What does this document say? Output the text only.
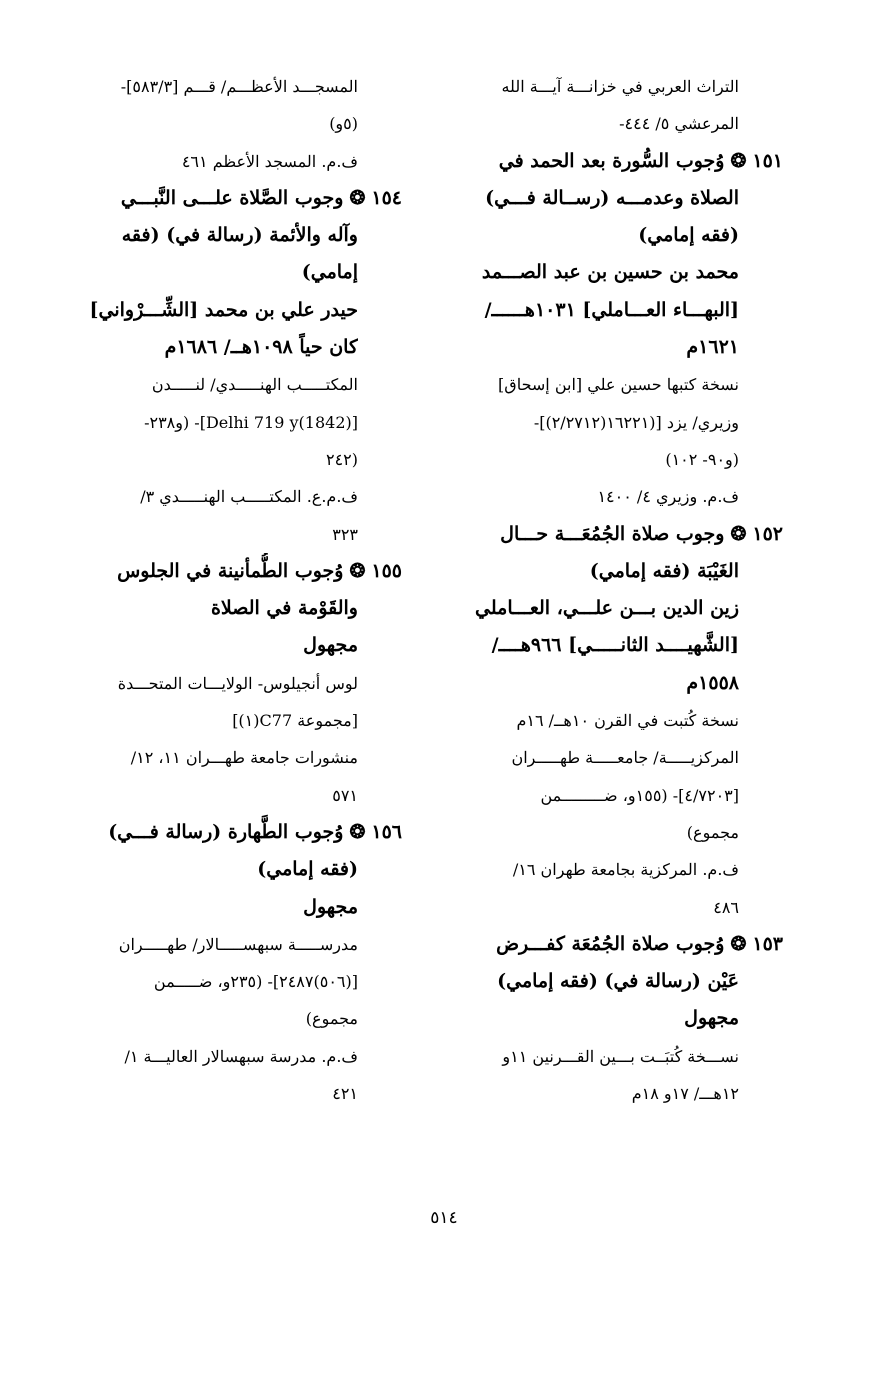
التراث العربي في خزانـــة آيـــة الله
المرعشي ٥/ ٤٤٤-
١٥١❂وُجوب السُّورة بعد الحمد في
الصلاة وعدمـــه (رســالة فـــي)
(فقه إمامي)
محمد بن حسين بن عبد الصـــمد
[البهـــاء العـــاملي] ١٠٣١هــــــ/
١٦٢١م
نسخة كتبها حسين علي [ابن إسحاق]
وزيري/ يزد [(١٦٢٢١(٢/٢٧١٢)]-
(و٩٠- ١٠٢)
ف.م. وزيري ٤/ ١٤٠٠
١٥٢❂وجوب صلاة الجُمُعَـــة حـــال
الغَيْبَة (فقه إمامي)
زين الدين بـــن علـــي، العـــاملي
[الشَّهيــــد الثانـــــي] ٩٦٦هــــ/
١٥٥٨م
نسخة كُتبت في القرن ١٠هــ/ ١٦م
المركزيـــــة/ جامعـــــة طهـــــران
[٤/٧٢٠٣]- (١٥٥و، ضـــــــــمن
مجموع)
ف.م. المركزية بجامعة طهران ١٦/
٤٨٦
١٥٣❂وُجوب صلاة الجُمُعَة كفـــرض
عَيْن (رسالة في) (فقه إمامي)
مجهول
نســـخة كُتبَــت بـــين القـــرنين ١١و
١٢هـــ/ ١٧و ١٨م
المسجـــد الأعظـــم/ قـــم [٥٨٣/٣]-
(٥و)
ف.م. المسجد الأعظم ٤٦١
١٥٤❂وجوب الصَّلاة علـــى النَّبـــي
وآله والأئمة (رسالة في) (فقه
إمامي)
حيدر علي بن محمد [الشِّـــرْواني]
كان حياً ١٠٩٨هــ/ ١٦٨٦م
المكتـــــب الهنـــــدي/ لنـــــدن
[Delhi 719 y(1842)]- (و٢٣٨-
(٢٤٢
ف.م.ع. المكتـــــب الهنـــــدي ٣/
٣٢٣
١٥٥❂وُجوب الطُّمأنينة في الجلوس
والقَوْمة في الصلاة
مجهول
لوس أنجيلوس- الولايـــات المتحـــدة
[مجموعة C77(١)]
منشورات جامعة طهـــران ١١، ١٢/
٥٧١
١٥٦❂وُجوب الطَّهارة (رسالة فـــي)
(فقه إمامي)
مجهول
مدرســـــة سبهســـــالار/ طهـــــران
[(٥٠٦)٢٤٨٧]- (٢٣٥و، ضـــــمن
مجموع)
ف.م. مدرسة سبهسالار العاليـــة ١/
٤٢١
٥١٤
